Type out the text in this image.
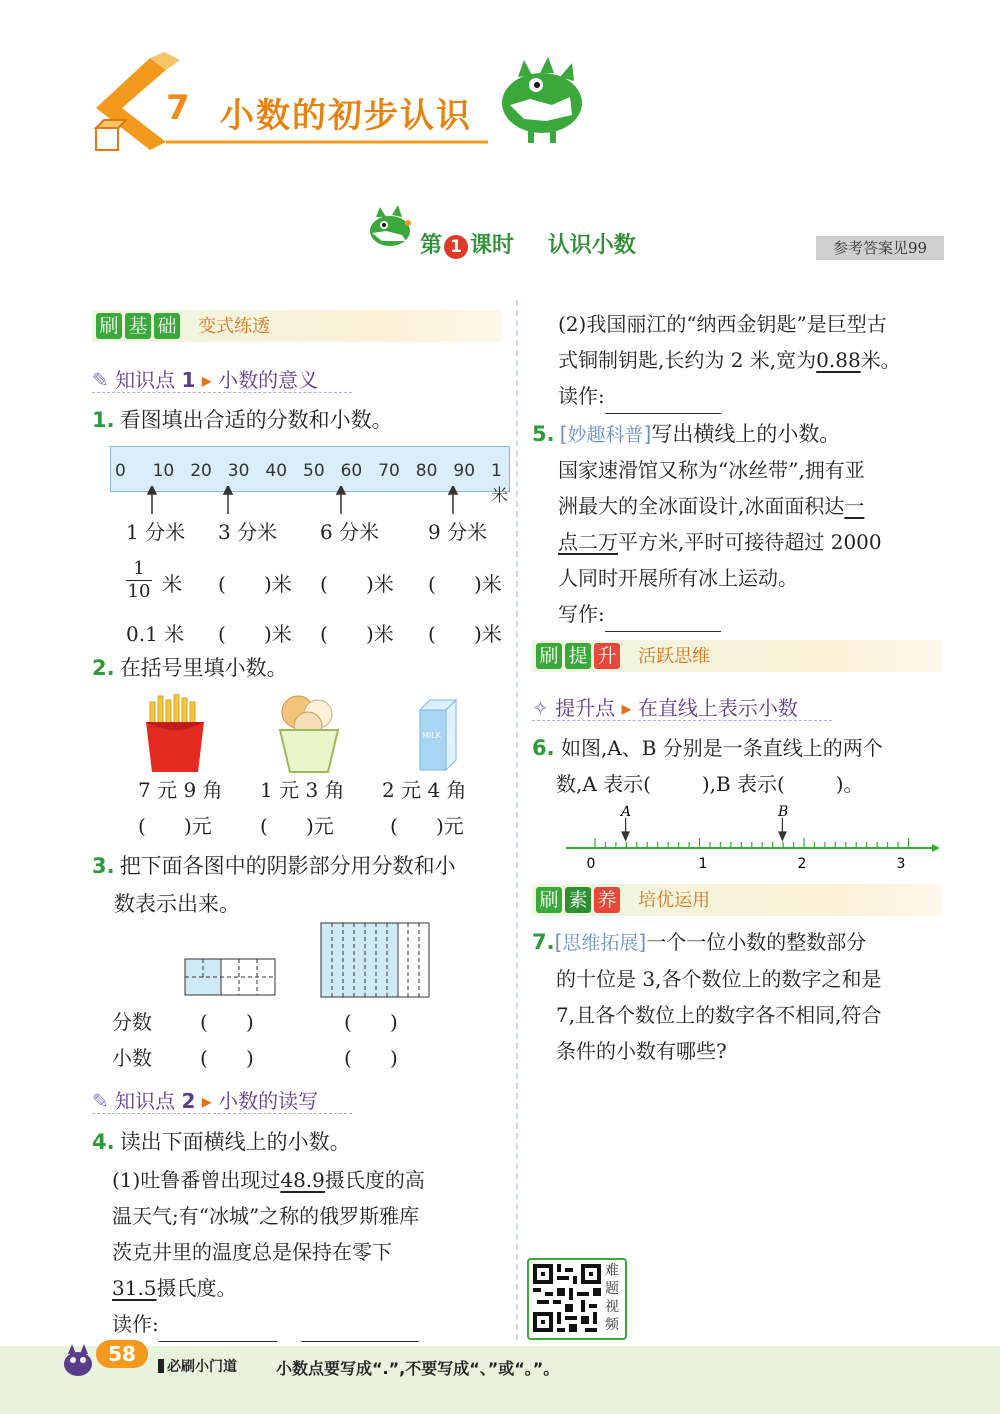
7 小数的初步认识
第 1 课时 认识小数	参考答案见99
刷 基 础 变式练透
✎ 知识点 1 ▸ 小数的意义
1. 看图填出合适的分数和小数。
0 10 20 30 40 50 60 70 80 90 1米
1 分米 3 分米	6 分米	9 分米
$\frac{1}{10}$ 米 (      )米 (      )米 (      )米
0.1 米 (      )米 (      )米 (      )米
2. 在括号里填小数。
MILK
7 元 9 角 1 元 3 角 2 元 4 角
(      )元 (      )元	(      )元
3. 把下面各图中的阴影部分用分数和小
数表示出来。
分数 (      )	(      )
小数 (      )	(      )
✎ 知识点 2 ▸ 小数的读写
4. 读出下面横线上的小数。
(1)吐鲁番曾出现过48.9摄氏度的高
温天气;有“冰城”之称的俄罗斯雅库
茨克井里的温度总是保持在零下
31.5摄氏度。
读作:
(2)我国丽江的“纳西金钥匙”是巨型古
式铜制钥匙,长约为 2 米,宽为0.88米。
读作:
5. [妙趣科普]写出横线上的小数。
国家速滑馆又称为“冰丝带”,拥有亚
洲最大的全冰面设计,冰面面积达一
点二万平方米,平时可接待超过 2000
人同时开展所有冰上运动。
写作:
刷 提 升 活跃思维
✧ 提升点 ▸ 在直线上表示小数
6. 如图,A、B 分别是一条直线上的两个
数,A 表示(        ),B 表示(        )。
A	B
0	1	2	3
刷 素 养 培优运用
7.[思维拓展]一个一位小数的整数部分
的十位是 3,各个数位上的数字之和是
7,且各个数位上的数字各不相同,符合
条件的小数有哪些?
难
题
视
频
58
必刷小门道 小数点要写成“.”,不要写成“、”或“。”。
